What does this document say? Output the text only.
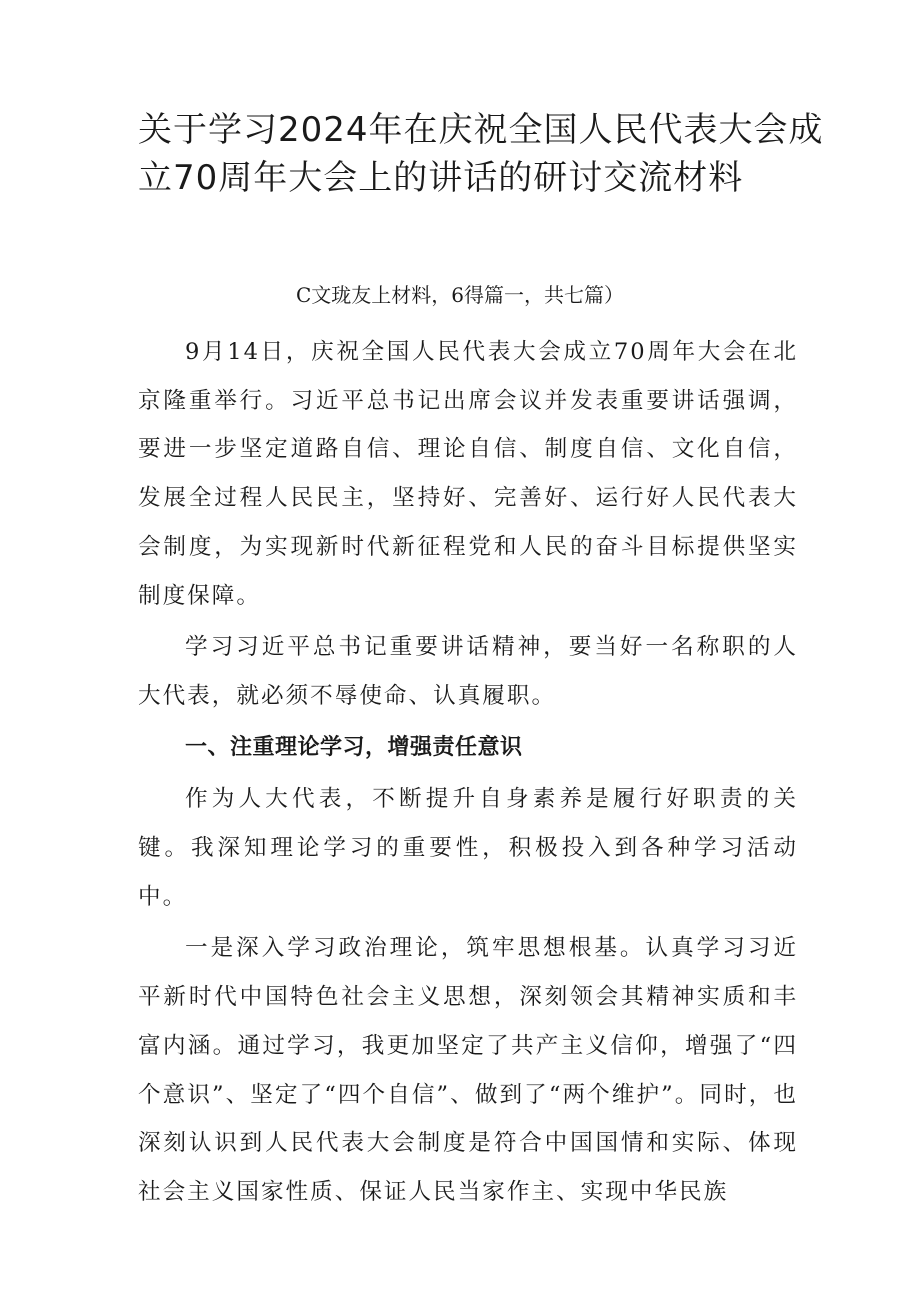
关于学习2024年在庆祝全国人民代表大会成
立70周年大会上的讲话的研讨交流材料
C文珑友上材料，6得篇一，共七篇）

9月14日，庆祝全国人民代表大会成立70周年大会在北京隆重举行。习近平总书记出席会议并发表重要讲话强调，要进一步坚定道路自信、理论自信、制度自信、文化自信，发展全过程人民民主，坚持好、完善好、运行好人民代表大会制度，为实现新时代新征程党和人民的奋斗目标提供坚实制度保障。

学习习近平总书记重要讲话精神，要当好一名称职的人大代表，就必须不辱使命、认真履职。

一、注重理论学习，增强责任意识

作为人大代表，不断提升自身素养是履行好职责的关键。我深知理论学习的重要性，积极投入到各种学习活动中。

一是深入学习政治理论，筑牢思想根基。认真学习习近平新时代中国特色社会主义思想，深刻领会其精神实质和丰富内涵。通过学习，我更加坚定了共产主义信仰，增强了“四个意识”、坚定了“四个自信”、做到了“两个维护”。同时，也深刻认识到人民代表大会制度是符合中国国情和实际、体现社会主义国家性质、保证人民当家作主、实现中华民族
